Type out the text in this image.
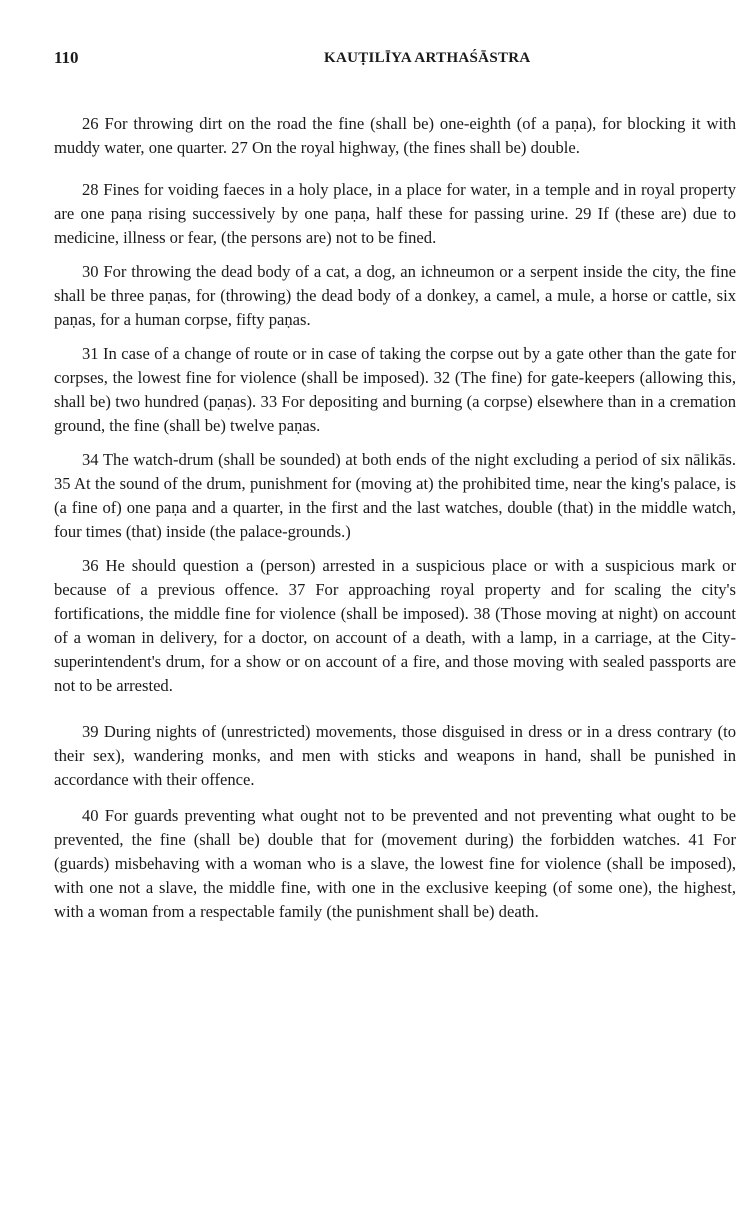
110	KAUṬILĪYA ARTHAŚĀSTRA

26 For throwing dirt on the road the fine (shall be) one-eighth (of a paṇa), for blocking it with muddy water, one quarter. 27 On the royal highway, (the fines shall be) double.

28 Fines for voiding faeces in a holy place, in a place for water, in a temple and in royal property are one paṇa rising successively by one paṇa, half these for passing urine. 29 If (these are) due to medicine, illness or fear, (the persons are) not to be fined.

30 For throwing the dead body of a cat, a dog, an ichneumon or a serpent inside the city, the fine shall be three paṇas, for (throwing) the dead body of a donkey, a camel, a mule, a horse or cattle, six paṇas, for a human corpse, fifty paṇas.

31 In case of a change of route or in case of taking the corpse out by a gate other than the gate for corpses, the lowest fine for violence (shall be imposed). 32 (The fine) for gate-keepers (allowing this, shall be) two hundred (paṇas). 33 For depositing and burning (a corpse) elsewhere than in a cremation ground, the fine (shall be) twelve paṇas.

34 The watch-drum (shall be sounded) at both ends of the night excluding a period of six nālikās. 35 At the sound of the drum, punishment for (moving at) the prohibited time, near the king's palace, is (a fine of) one paṇa and a quarter, in the first and the last watches, double (that) in the middle watch, four times (that) inside (the palace-grounds.)

36 He should question a (person) arrested in a suspicious place or with a suspicious mark or because of a previous offence. 37 For approaching royal property and for scaling the city's fortifications, the middle fine for violence (shall be imposed). 38 (Those moving at night) on account of a woman in delivery, for a doctor, on account of a death, with a lamp, in a carriage, at the City-superintendent's drum, for a show or on account of a fire, and those moving with sealed passports are not to be arrested.

39 During nights of (unrestricted) movements, those disguised in dress or in a dress contrary (to their sex), wandering monks, and men with sticks and weapons in hand, shall be punished in accordance with their offence.

40 For guards preventing what ought not to be prevented and not preventing what ought to be prevented, the fine (shall be) double that for (movement during) the forbidden watches. 41 For (guards) misbehaving with a woman who is a slave, the lowest fine for violence (shall be imposed), with one not a slave, the middle fine, with one in the exclusive keeping (of some one), the highest, with a woman from a respectable family (the punishment shall be) death.
